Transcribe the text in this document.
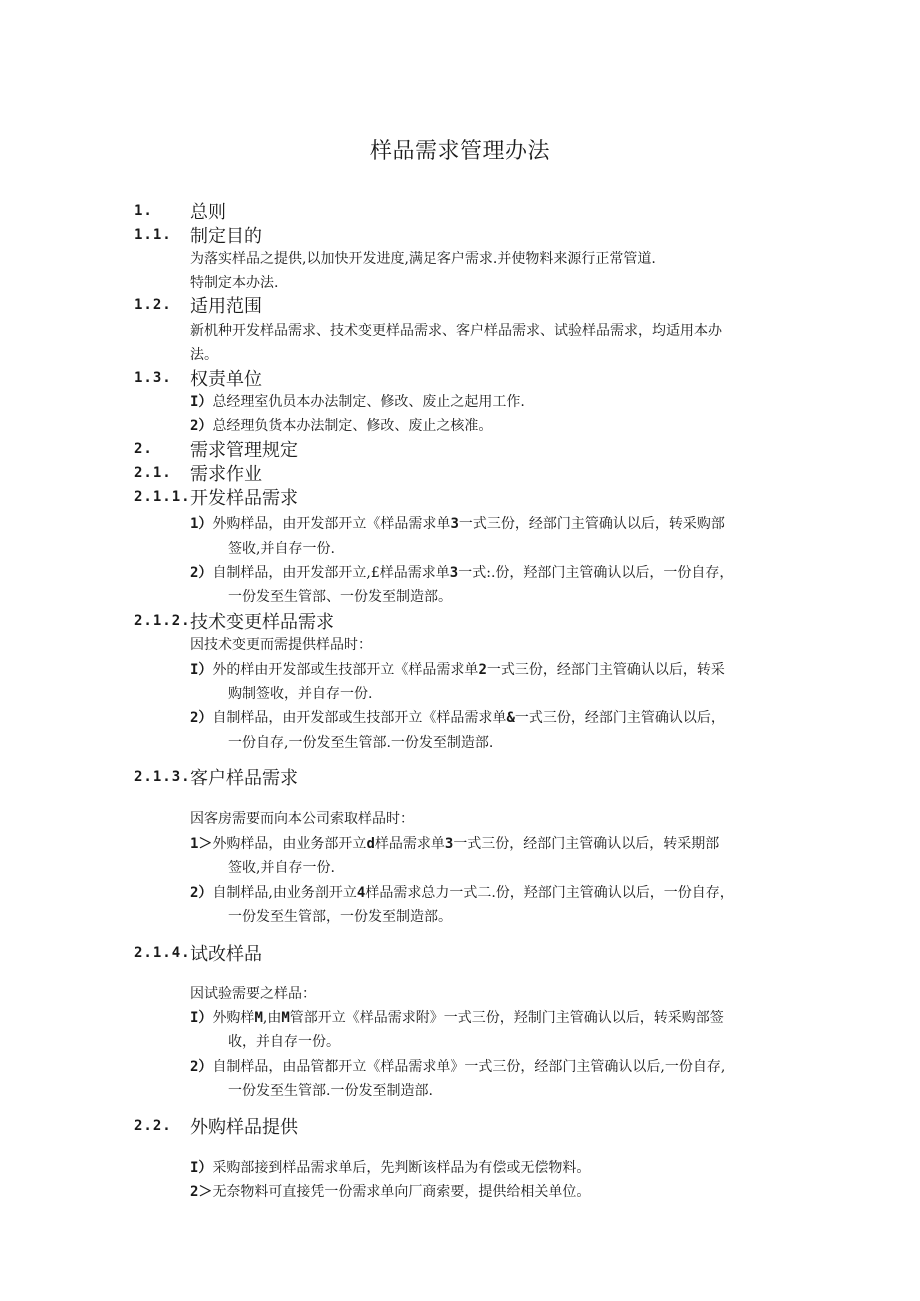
样品需求管理办法
1. 总则
1.1. 制定目的
为落实样品之提供,以加快开发进度,满足客户需求.并使物料来源行正常管道.
特制定本办法.
1.2. 适用范围
新机种开发样品需求、技术变更样品需求、客户样品需求、试验样品需求，均适用本办
法。
1.3. 权责单位
I）总经理室仇员本办法制定、修改、废止之起用工作.
2）总经理负货本办法制定、修改、废止之核准。
2. 需求管理规定
2.1. 需求作业
2.1.1. 开发样品需求
1）外购样品，由开发部开立《样品需求单3一式三份，经部门主管确认以后，转采购部
签收,并自存一份.
2）自制样品，由开发部开立,£样品需求单3一式:.份，羟部门主管确认以后，一份自存，
一份发至生管部、一份发至制造部。
2.1.2. 技术变更样品需求
因技术变更而需提供样品时：
I）外的样由开发部或生技部开立《样品需求单2一式三份，经部门主管确认以后，转采
购制签收，并自存一份.
2）自制样品，由开发部或生技部开立《样品需求单&一式三份，经部门主管确认以后，
一份自存,一份发至生管部.一份发至制造部.
2.1.3. 客户样品需求
因客房需要而向本公司索取样品时：
1＞外购样品，由业务部开立d样品需求单3一式三份，经部门主管确认以后，转采期部
签收,并自存一份.
2）自制样品,由业务剖开立4样品需求总力一式二.份，羟部门主管确认以后，一份自存，
一份发至生管部，一份发至制造部。
2.1.4. 试改样品
因试验需要之样品：
I）外购样M,由M管部开立《样品需求附》一式三份，羟制门主管确认以后，转采购部签
收，并自存一份。
2）自制样品，由品管都开立《样品需求单》一式三份，经部门主管确认以后,一份自存,
一份发至生管部.一份发至制造部.
2.2. 外购样品提供
I）采购部接到样品需求单后，先判断该样品为有偿或无偿物料。
2＞无奈物料可直接凭一份需求单向厂商索要，提供给相关单位。
